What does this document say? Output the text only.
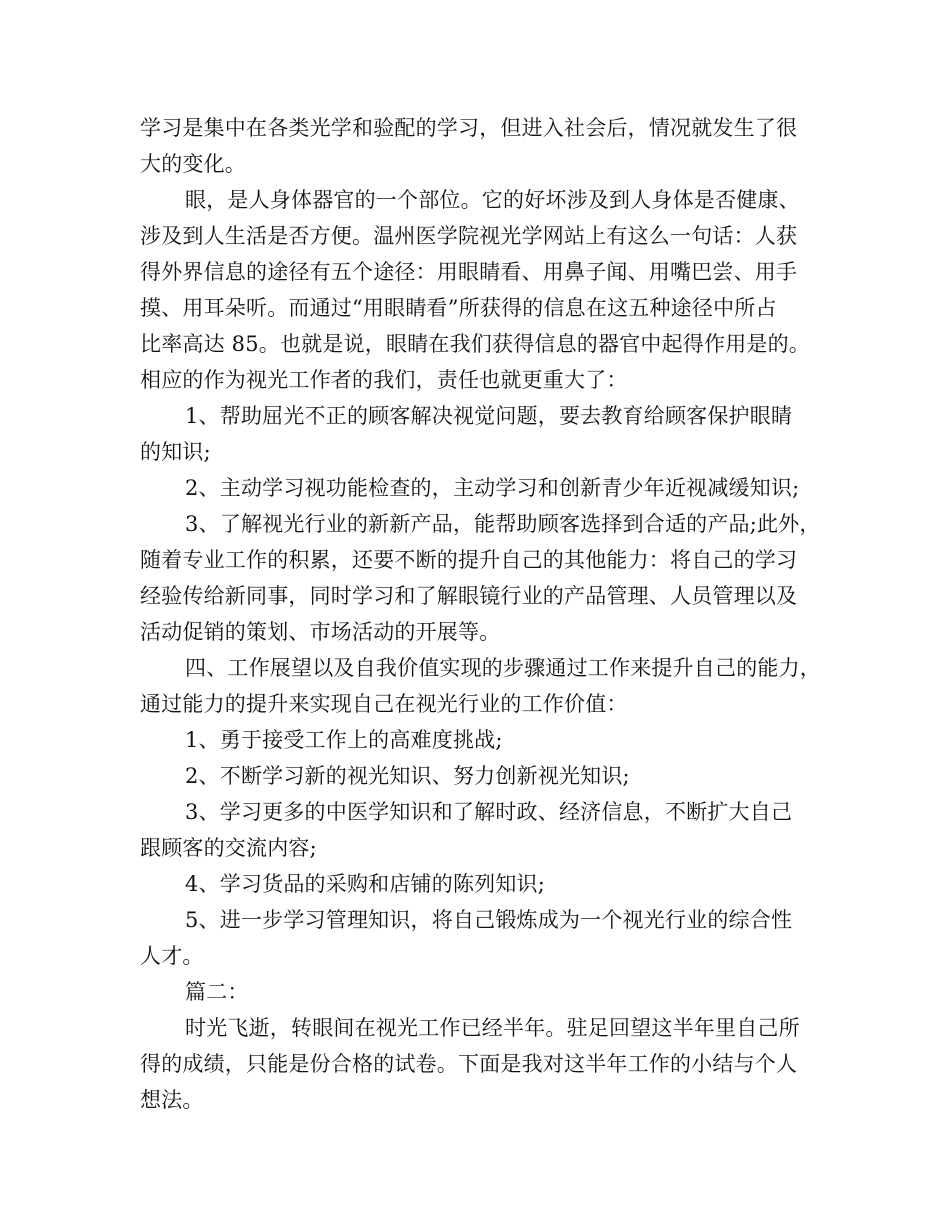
学习是集中在各类光学和验配的学习，但进入社会后，情况就发生了很
大的变化。
眼，是人身体器官的一个部位。它的好坏涉及到人身体是否健康、
涉及到人生活是否方便。温州医学院视光学网站上有这么一句话：人获
得外界信息的途径有五个途径：用眼睛看、用鼻子闻、用嘴巴尝、用手
摸、用耳朵听。而通过“用眼睛看”所获得的信息在这五种途径中所占
比率高达 85。也就是说，眼睛在我们获得信息的器官中起得作用是的。
相应的作为视光工作者的我们，责任也就更重大了：
1、帮助屈光不正的顾客解决视觉问题，要去教育给顾客保护眼睛
的知识;
2、主动学习视功能检查的，主动学习和创新青少年近视减缓知识;
3、了解视光行业的新新产品，能帮助顾客选择到合适的产品;此外，
随着专业工作的积累，还要不断的提升自己的其他能力：将自己的学习
经验传给新同事，同时学习和了解眼镜行业的产品管理、人员管理以及
活动促销的策划、市场活动的开展等。
四、工作展望以及自我价值实现的步骤通过工作来提升自己的能力，
通过能力的提升来实现自己在视光行业的工作价值：
1、勇于接受工作上的高难度挑战;
2、不断学习新的视光知识、努力创新视光知识;
3、学习更多的中医学知识和了解时政、经济信息，不断扩大自己
跟顾客的交流内容;
4、学习货品的采购和店铺的陈列知识;
5、进一步学习管理知识，将自己锻炼成为一个视光行业的综合性
人才。
篇二：
时光飞逝，转眼间在视光工作已经半年。驻足回望这半年里自己所
得的成绩，只能是份合格的试卷。下面是我对这半年工作的小结与个人
想法。
